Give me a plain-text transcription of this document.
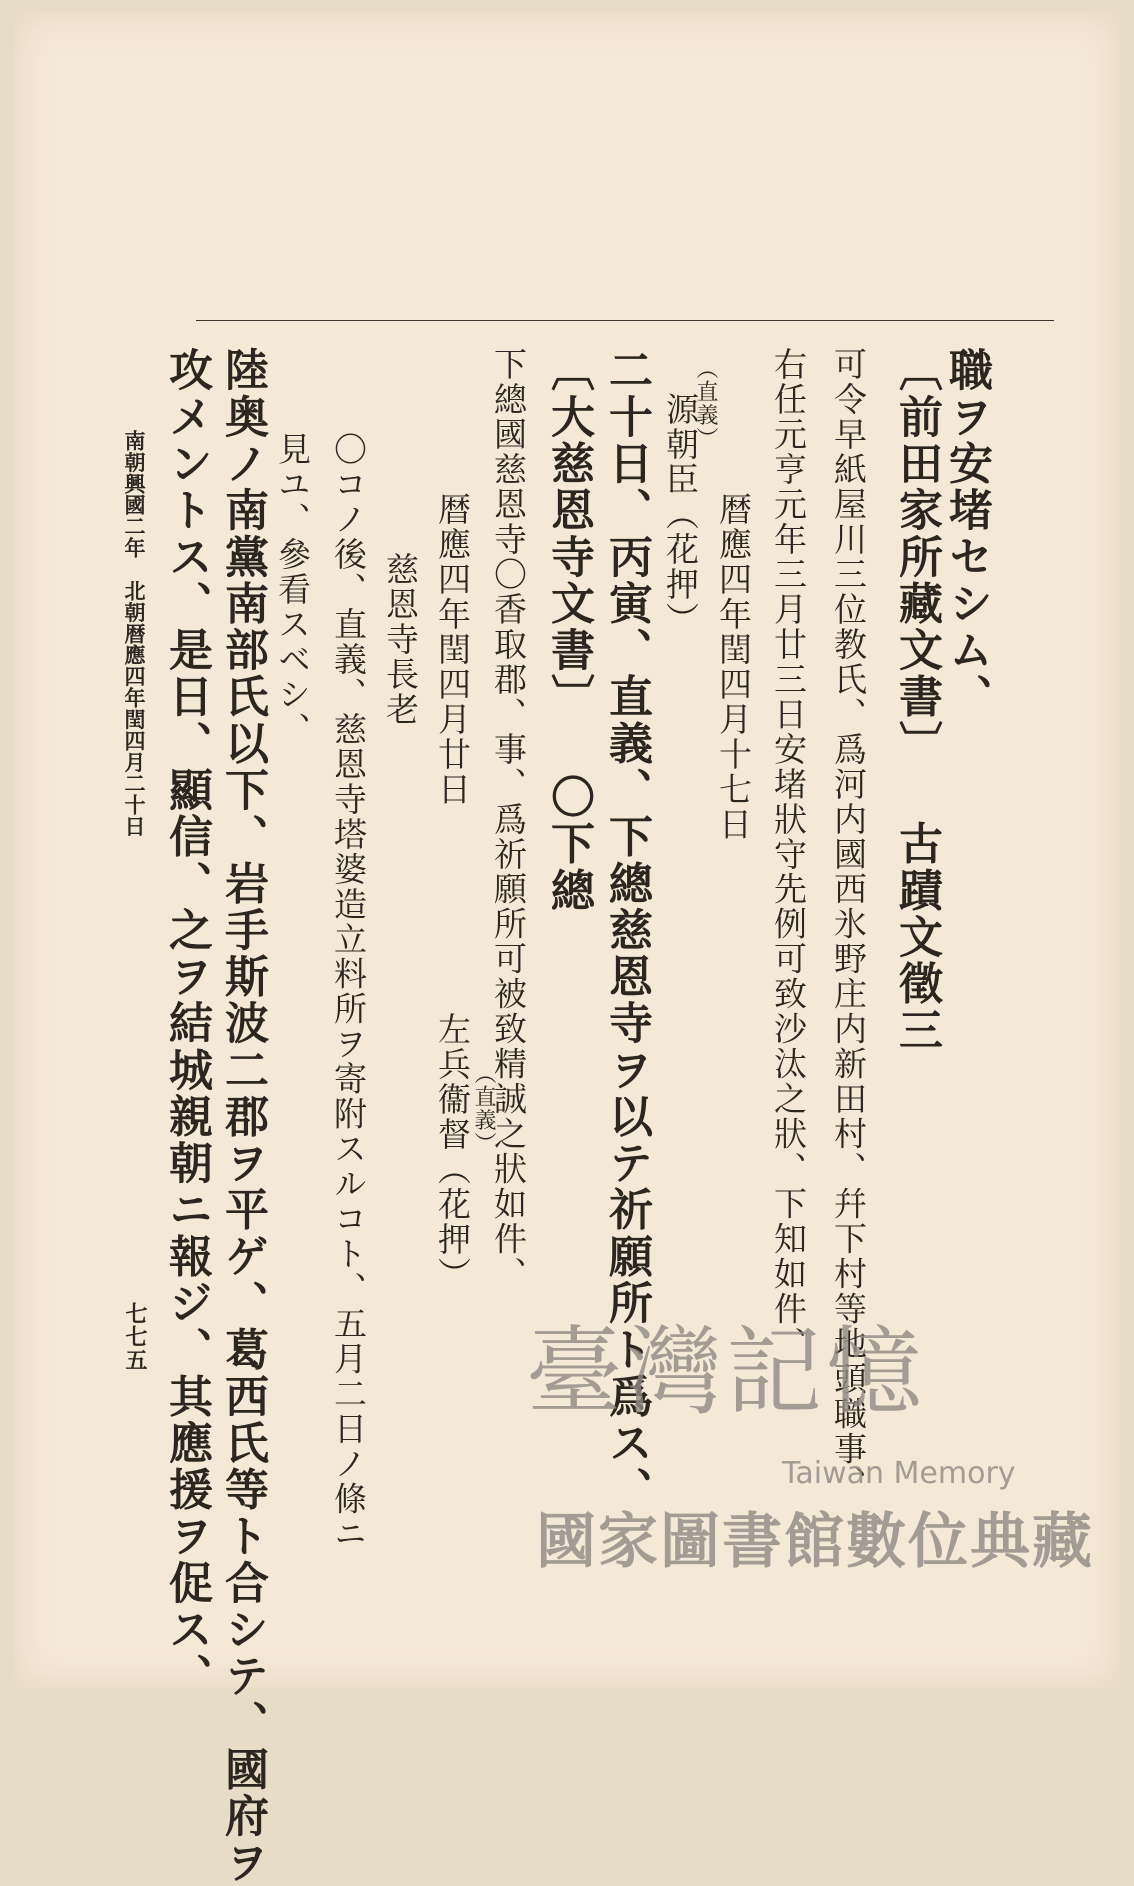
職ヲ安堵セシム、
〔前田家所藏文書〕 古蹟文徵三
可令早紙屋川三位教氏、爲河内國西氷野庄内新田村、幷下村等地頭職事、
右任元亨元年三月廿三日安堵狀守先例可致沙汰之狀、下知如件、
暦應四年閏四月十七日
源朝臣（花押）
（直義）
二十日、丙寅、直義、下總慈恩寺ヲ以テ祈願所ト爲ス、
〔大慈恩寺文書〕 〇下總
下總國慈恩寺〇香取郡、事、爲祈願所可被致精誠之狀如件、
暦應四年閏四月廿日
左兵衞督（花押） （直義）
慈恩寺長老
〇コノ後、直義、慈恩寺塔婆造立料所ヲ寄附スルコト、五月二日ノ條ニ
見ユ、參看スベシ、
陸奥ノ南黨南部氏以下、岩手斯波二郡ヲ平ゲ、葛西氏等ト合シテ、國府ヲ
攻メントス、是日、顯信、之ヲ結城親朝ニ報ジ、其應援ヲ促ス、
南朝興國二年　北朝暦應四年閏四月二十日
七七五	臺灣記憶
Taiwan Memory
國家圖書館數位典藏
